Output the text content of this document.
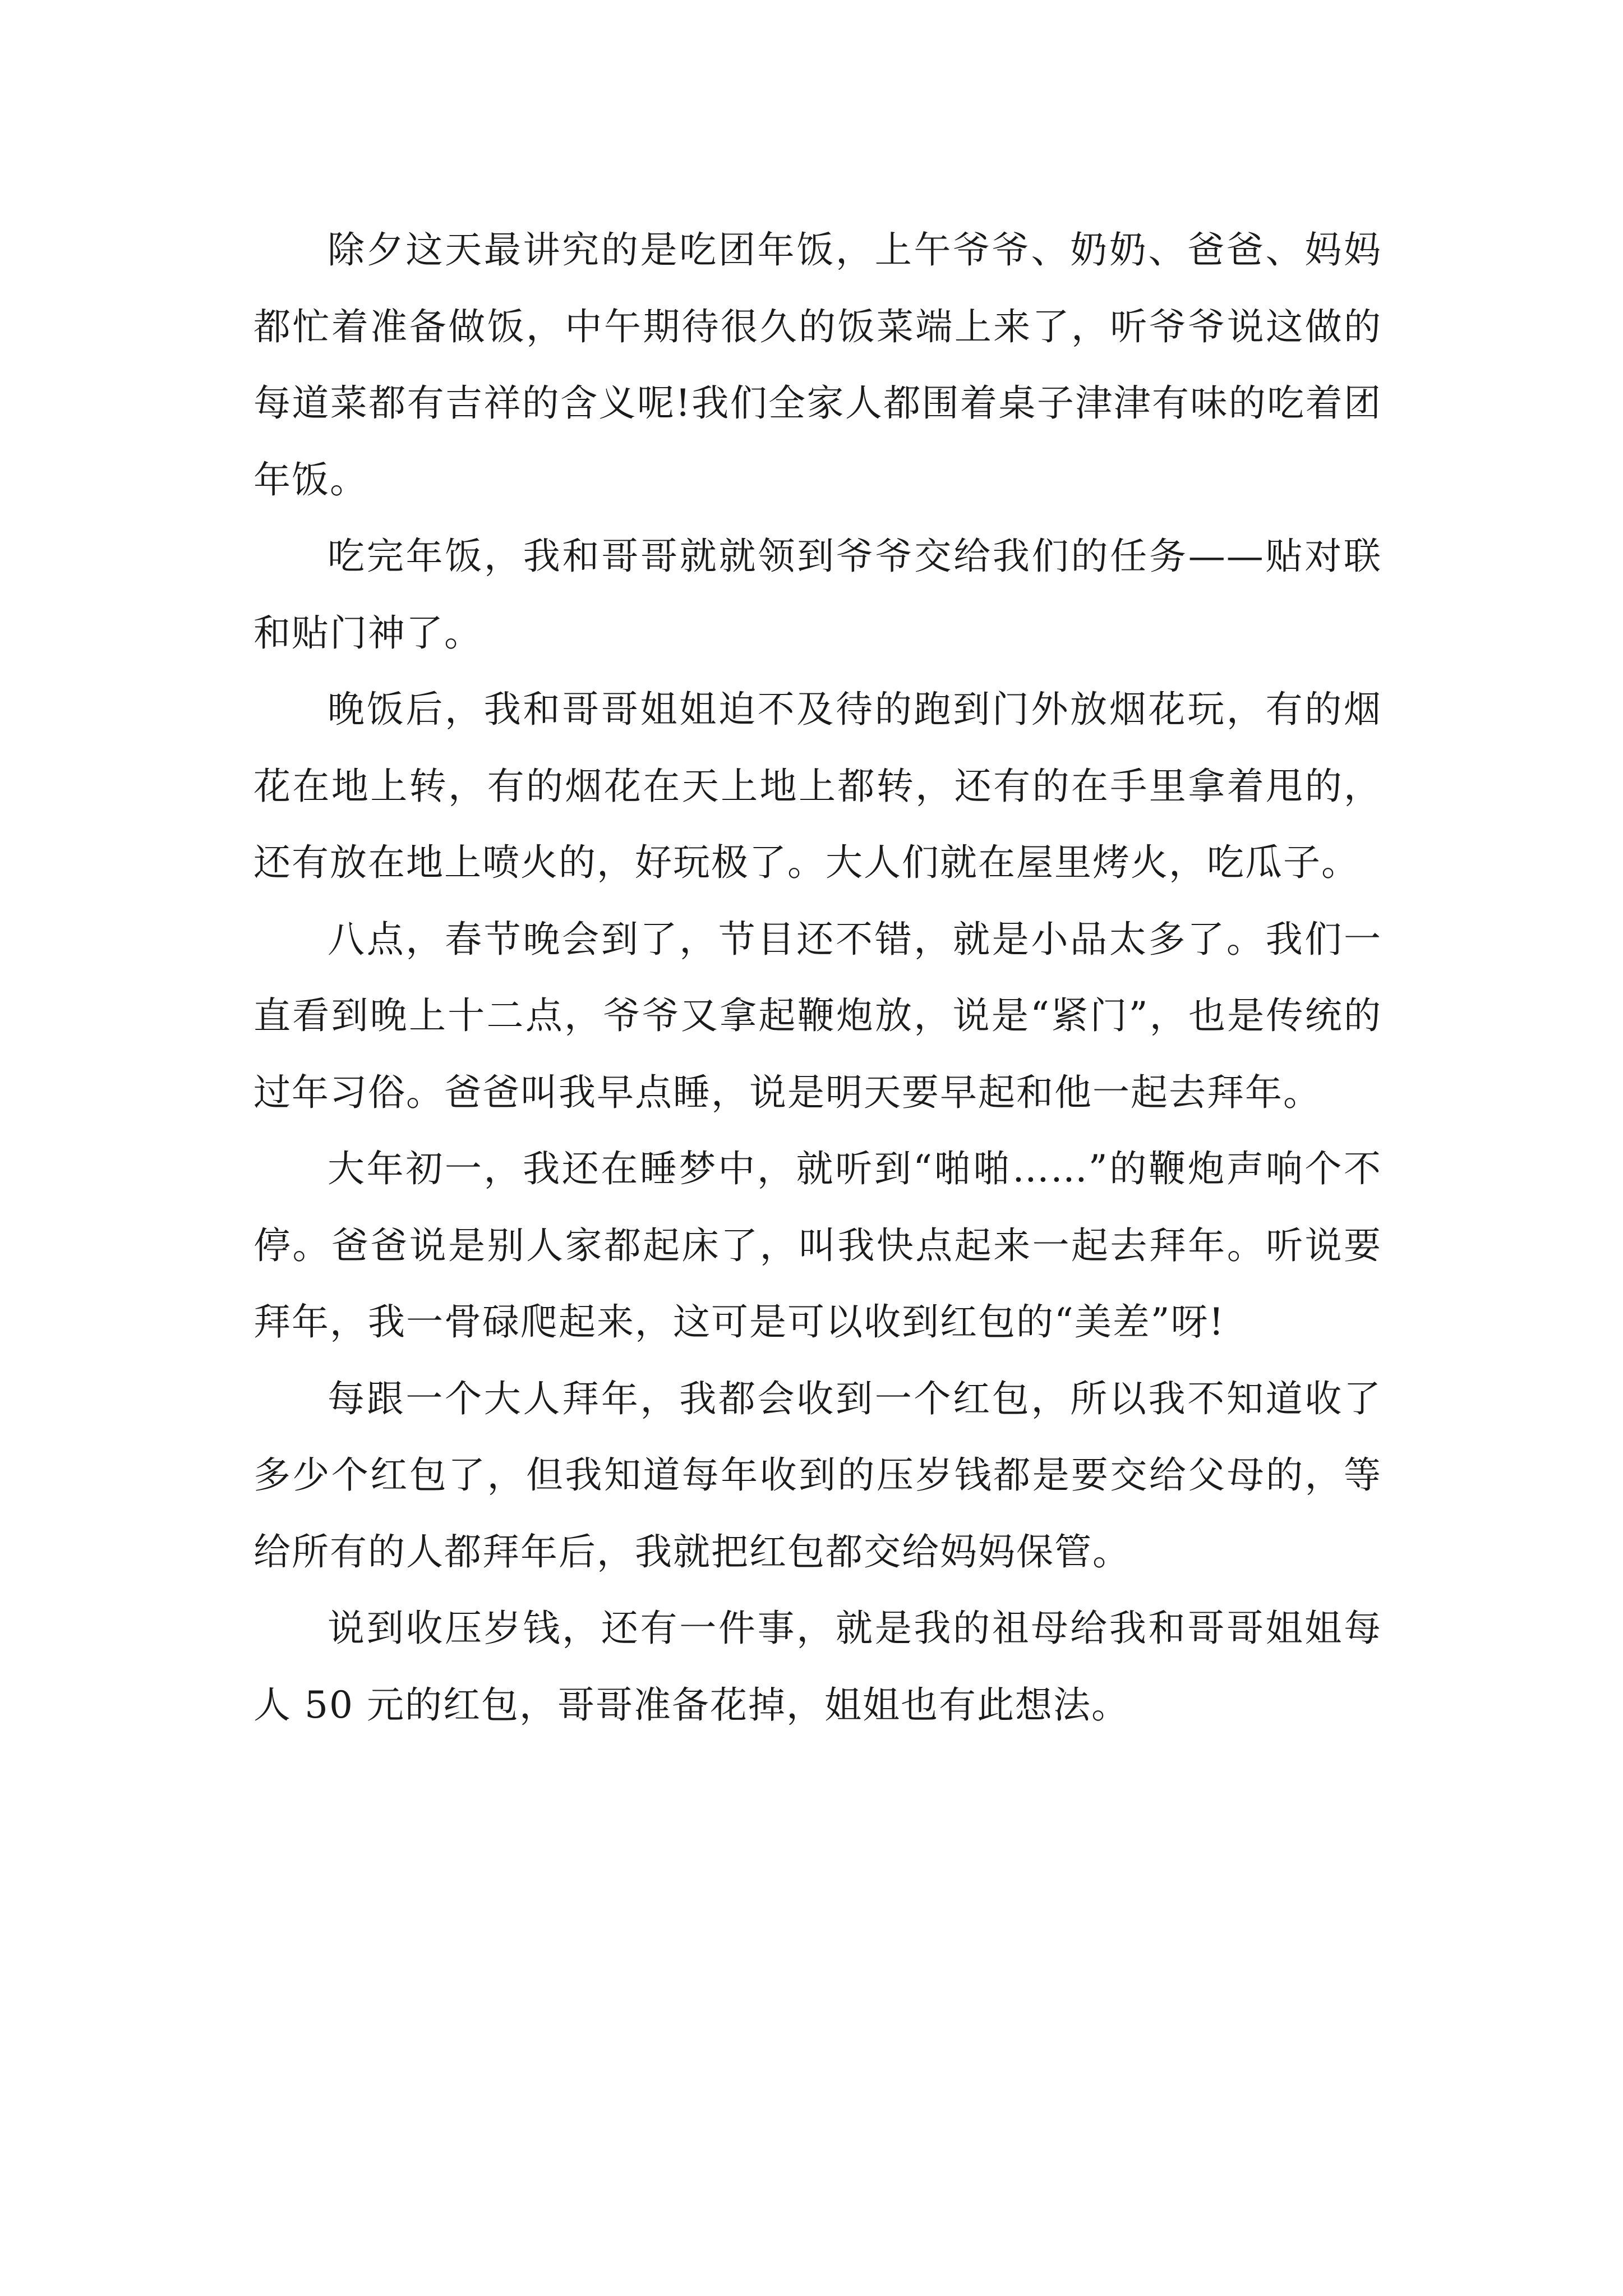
除夕这天最讲究的是吃团年饭，上午爷爷、奶奶、爸爸、妈妈都忙着准备做饭，中午期待很久的饭菜端上来了，听爷爷说这做的每道菜都有吉祥的含义呢!我们全家人都围着桌子津津有味的吃着团年饭。

吃完年饭，我和哥哥就就领到爷爷交给我们的任务——贴对联和贴门神了。

晚饭后，我和哥哥姐姐迫不及待的跑到门外放烟花玩，有的烟花在地上转，有的烟花在天上地上都转，还有的在手里拿着甩的，还有放在地上喷火的，好玩极了。大人们就在屋里烤火，吃瓜子。

八点，春节晚会到了，节目还不错，就是小品太多了。我们一直看到晚上十二点，爷爷又拿起鞭炮放，说是“紧门”，也是传统的过年习俗。爸爸叫我早点睡，说是明天要早起和他一起去拜年。

大年初一，我还在睡梦中，就听到“啪啪……”的鞭炮声响个不停。爸爸说是别人家都起床了，叫我快点起来一起去拜年。听说要拜年，我一骨碌爬起来，这可是可以收到红包的“美差”呀!

每跟一个大人拜年，我都会收到一个红包，所以我不知道收了多少个红包了，但我知道每年收到的压岁钱都是要交给父母的，等给所有的人都拜年后，我就把红包都交给妈妈保管。

说到收压岁钱，还有一件事，就是我的祖母给我和哥哥姐姐每人 50 元的红包，哥哥准备花掉，姐姐也有此想法。
